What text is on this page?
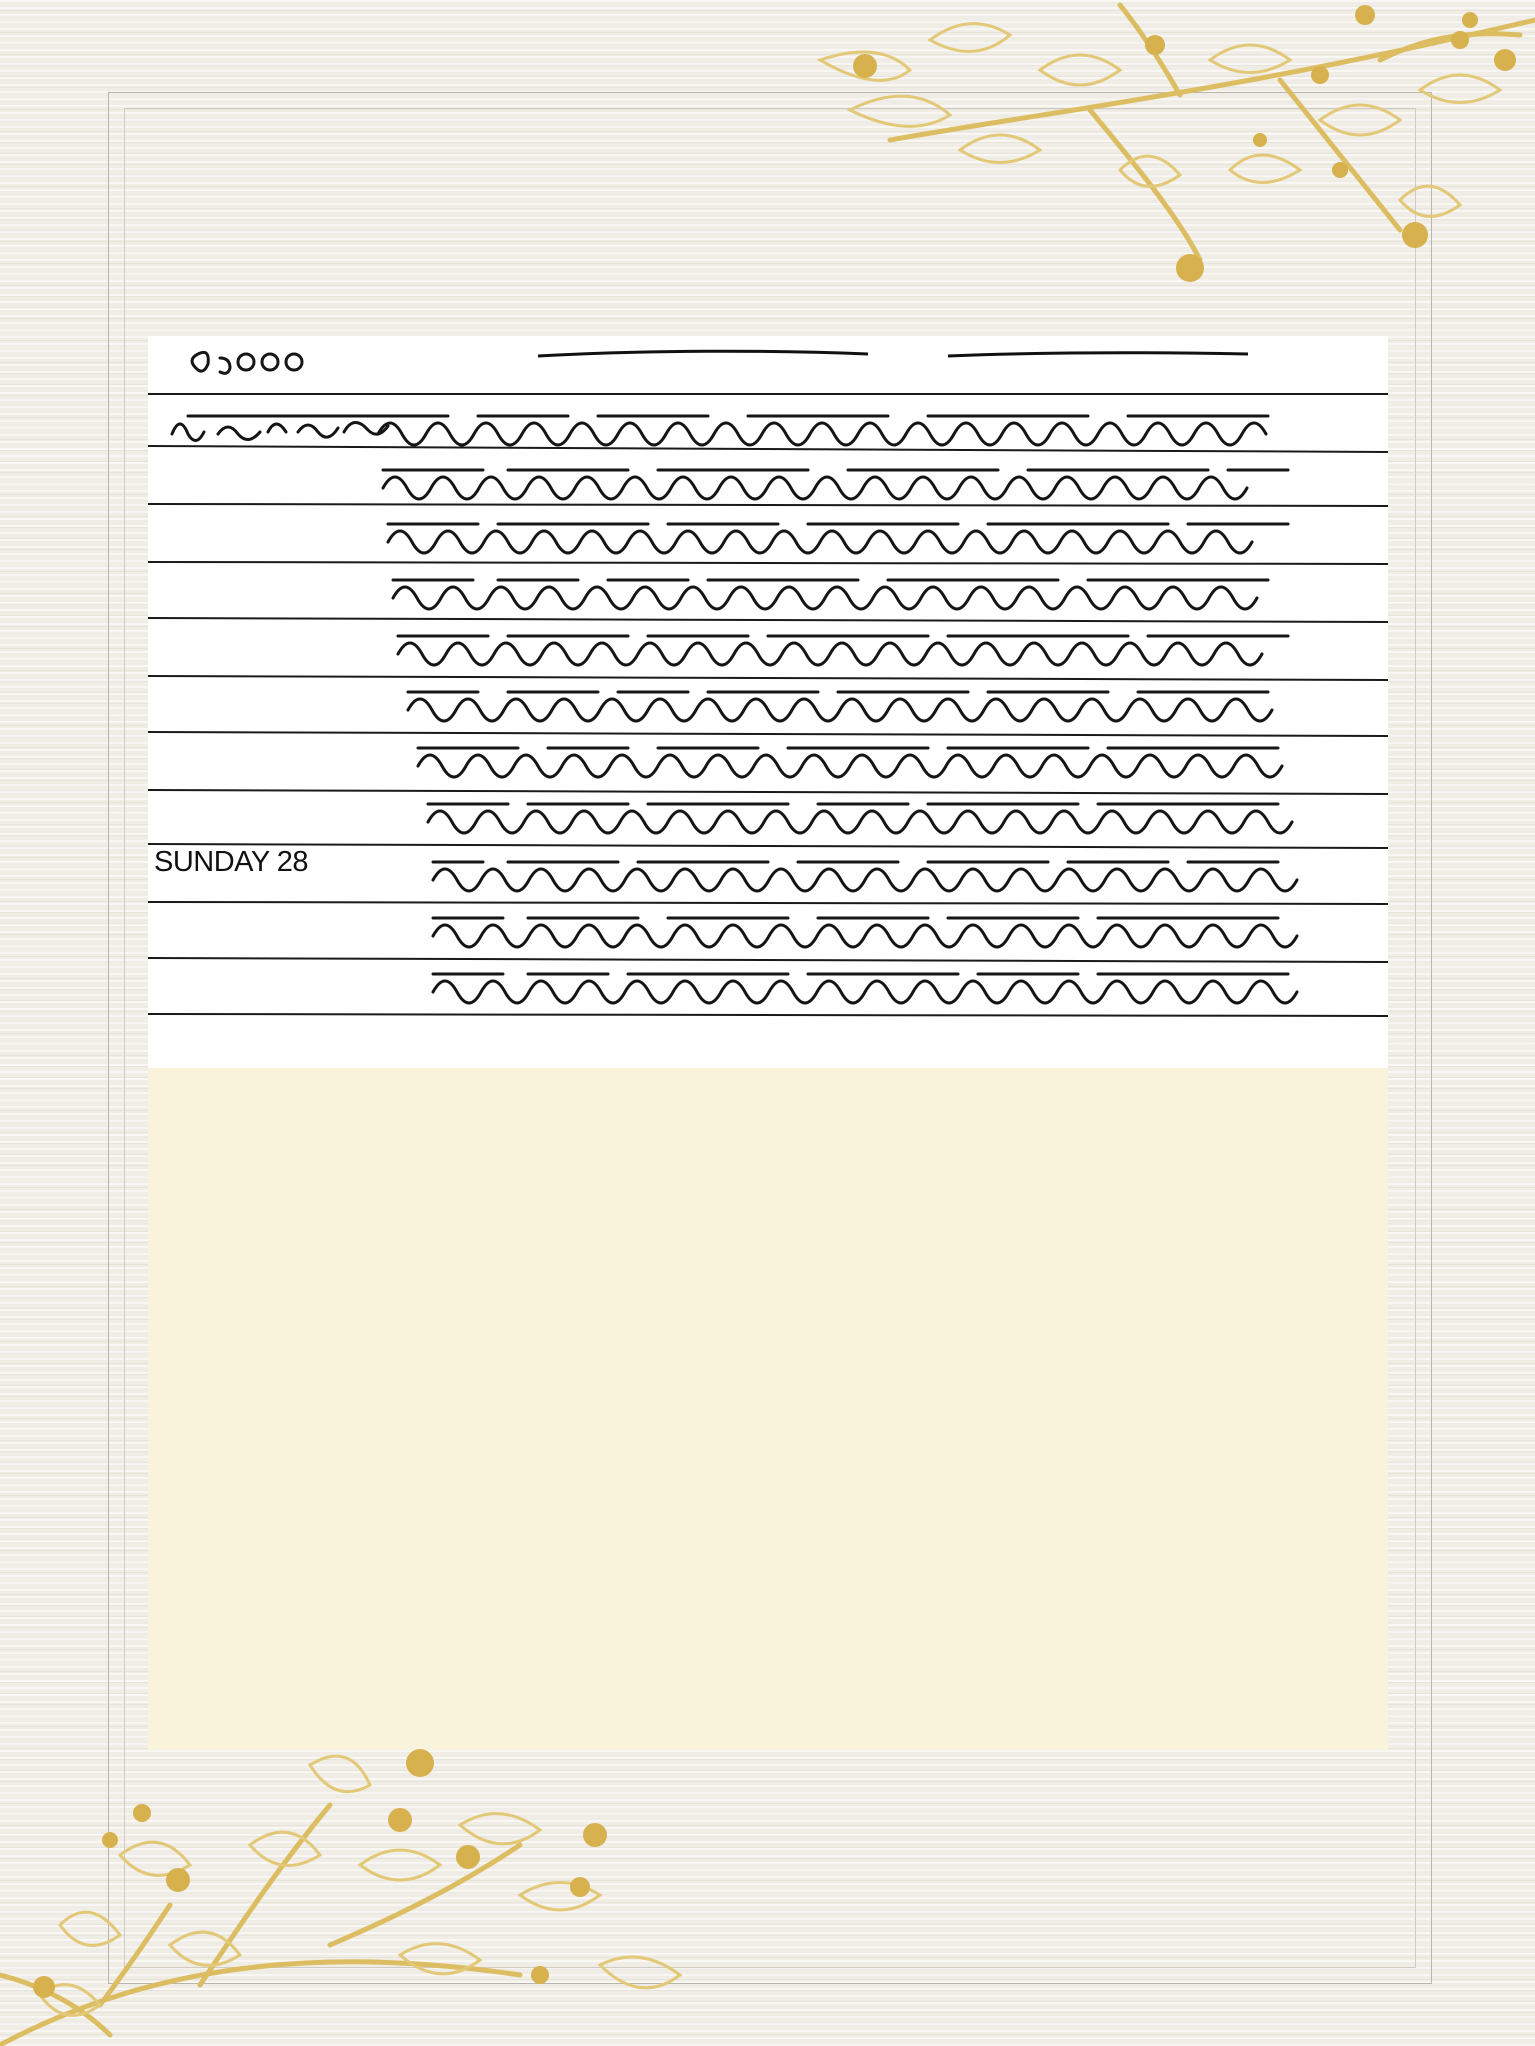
SUNDAY 28
